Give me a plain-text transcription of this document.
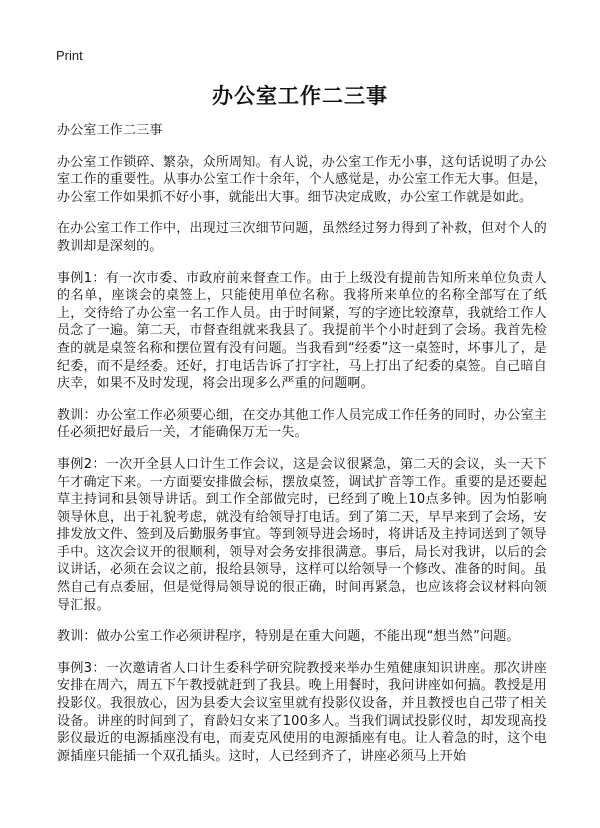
Print
办公室工作二三事

办公室工作二三事

办公室工作锁碎、繁杂，众所周知。有人说，办公室工作无小事，这句话说明了办公室工作的重要性。从事办公室工作十余年，个人感觉是，办公室工作无大事。但是，办公室工作如果抓不好小事，就能出大事。细节决定成败，办公室工作就是如此。

在办公室工作工作中，出现过三次细节问题，虽然经过努力得到了补救，但对个人的教训却是深刻的。

事例1：有一次市委、市政府前来督查工作。由于上级没有提前告知所来单位负责人的名单，座谈会的桌签上，只能使用单位名称。我将所来单位的名称全部写在了纸上，交待给了办公室一名工作人员。由于时间紧，写的字迹比较潦草，我就给工作人员念了一遍。第二天，市督查组就来我县了。我提前半个小时赶到了会场。我首先检查的就是桌签名称和摆位置有没有问题。当我看到“经委”这一桌签时，坏事儿了，是纪委，而不是经委。还好，打电话告诉了打字社，马上打出了纪委的桌签。自己暗自庆幸，如果不及时发现，将会出现多么严重的问题啊。

教训：办公室工作必须要心细，在交办其他工作人员完成工作任务的同时，办公室主任必须把好最后一关，才能确保万无一失。

事例2：一次开全县人口计生工作会议，这是会议很紧急，第二天的会议，头一天下午才确定下来。一方面要安排做会标，摆放桌签，调试扩音等工作。重要的是还要起草主持词和县领导讲话。到工作全部做完时，已经到了晚上10点多钟。因为怕影响领导休息，出于礼貌考虑，就没有给领导打电话。到了第二天，早早来到了会场，安排发放文件、签到及后勤服务事宜。等到领导进会场时，将讲话及主持词送到了领导手中。这次会议开的很顺利，领导对会务安排很满意。事后，局长对我讲，以后的会议讲话，必须在会议之前，报给县领导，这样可以给领导一个修改、准备的时间。虽然自己有点委屈，但是觉得局领导说的很正确，时间再紧急，也应该将会议材料向领导汇报。

教训：做办公室工作必须讲程序，特别是在重大问题，不能出现“想当然”问题。

事例3：一次邀请省人口计生委科学研究院教授来举办生殖健康知识讲座。那次讲座安排在周六，周五下午教授就赶到了我县。晚上用餐时，我问讲座如何搞。教授是用投影仪。我很放心，因为县委大会议室里就有投影仪设备，并且教授也自己带了相关设备。讲座的时间到了，育龄妇女来了100多人。当我们调试投影仪时，却发现高投影仪最近的电源插座没有电，而麦克风使用的电源插座有电。让人着急的时，这个电源插座只能插一个双孔插头。这时，人已经到齐了，讲座必须马上开始
